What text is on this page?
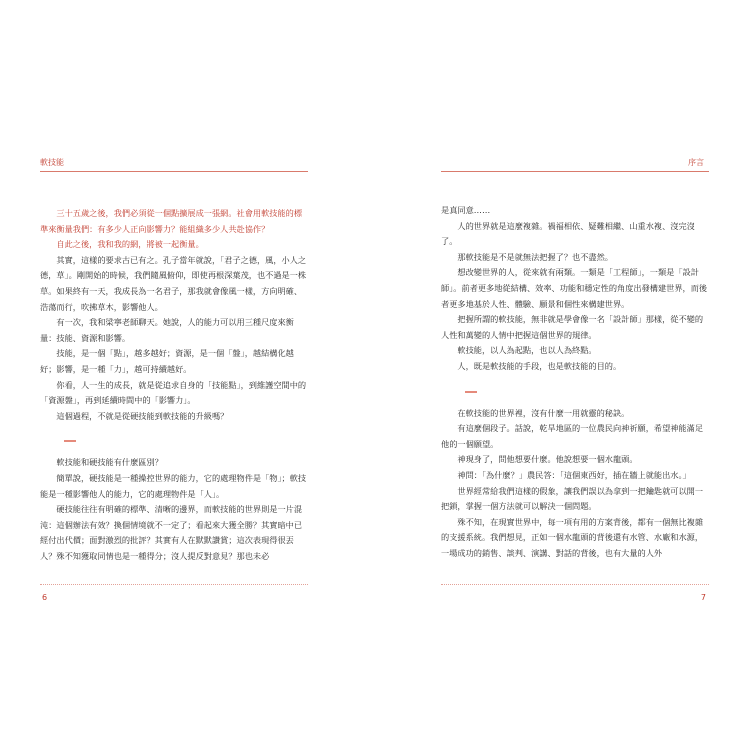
軟技能

三十五歲之後，我們必須從一個點擴展成一張網。社會用軟技能的標準來衡量我們：有多少人正向影響力？能組織多少人共赴協作？

自此之後，我和我的網，將被一起衡量。

其實，這樣的要求古已有之。孔子當年就說，「君子之德，風，小人之德，草」。剛開始的時候，我們隨風俯仰，即使再根深葉茂，也不過是一株草。如果終有一天，我成長為一名君子，那我就會像風一樣，方向明確、浩蕩而行，吹拂草木，影響他人。

有一次，我和梁寧老師聊天。她說，人的能力可以用三種尺度來衡量：技能、資源和影響。

技能，是一個「點」，越多越好；資源，是一個「盤」，越結構化越好；影響，是一種「力」，越可持續越好。

你看，人一生的成長，就是從追求自身的「技能點」，到維護空間中的「資源盤」，再到延續時間中的「影響力」。

這個過程，不就是從硬技能到軟技能的升級嗎？

軟技能和硬技能有什麼區別？

簡單說，硬技能是一種操控世界的能力，它的處理物件是「物」；軟技能是一種影響他人的能力，它的處理物件是「人」。

硬技能往往有明確的標準、清晰的邊界，而軟技能的世界則是一片混沌：這個辦法有效？換個情境就不一定了；看起來大獲全勝？其實暗中已經付出代價；面對激烈的批評？其實有人在默默讚賞；這次表現得很丟人？殊不知獲取同情也是一種得分；沒人提反對意見？那也未必

6
序言

是真同意……

人的世界就是這麼複雜。禍福相依、疑難相繼、山重水複、沒完沒了。

那軟技能是不是就無法把握了？也不盡然。

想改變世界的人，從來就有兩類。一類是「工程師」，一類是「設計師」。前者更多地從結構、效率、功能和穩定性的角度出發構建世界，而後者更多地基於人性、體驗、願景和個性來構建世界。

把握所謂的軟技能，無非就是學會像一名「設計師」那樣，從不變的人性和萬變的人情中把握這個世界的規律。

軟技能，以人為起點，也以人為終點。

人，既是軟技能的手段，也是軟技能的目的。

在軟技能的世界裡，沒有什麼一用就靈的秘訣。

有這麼個段子。話說，乾旱地區的一位農民向神祈願，希望神能滿足他的一個願望。

神現身了，問他想要什麼。他說想要一個水龍頭。

神問：「為什麼？」農民答：「這個東西好，插在牆上就能出水。」

世界經常給我們這樣的假象，讓我們誤以為拿到一把鑰匙就可以開一把鎖，掌握一個方法就可以解決一個問題。

殊不知，在現實世界中，每一項有用的方案背後，都有一個無比複雜的支援系統。我們想見，正如一個水龍頭的背後還有水管、水廠和水源，一場成功的銷售、談判、演講、對話的背後，也有大量的人外

7
